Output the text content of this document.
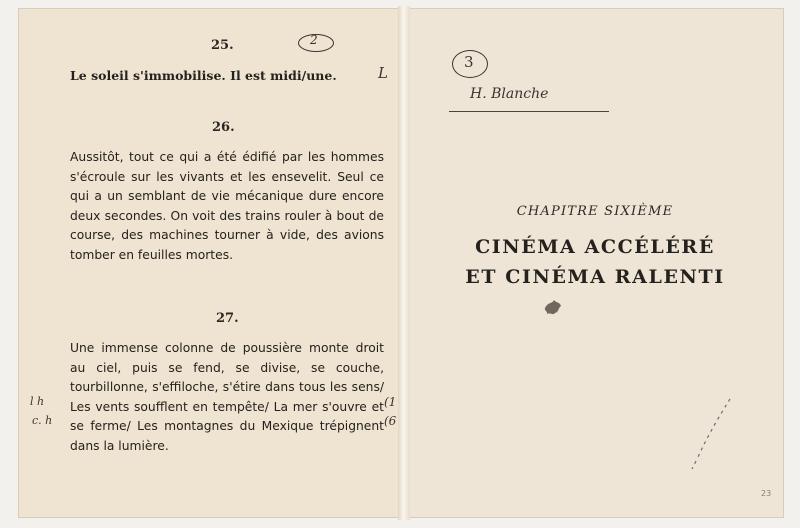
25.	2
Le soleil s'immobilise. Il est midi/une.	L
26.
Aussitôt, tout ce qui a été édifié par les hommes s'écroule sur les vivants et les ensevelit. Seul ce qui a un semblant de vie mécanique dure encore deux secondes. On voit des trains rouler à bout de course, des machines tourner à vide, des avions tomber en feuilles mortes.
27.
Une immense colonne de poussière monte droit au ciel, puis se fend, se divise, se couche, tourbillonne, s'effiloche, s'étire dans tous les sens/ Les vents soufflent en tempête/ La mer s'ouvre et se ferme/ Les montagnes du Mexique trépignent dans la lumière.
l h
c. h
(1
(6
3
H. Blanche
CHAPITRE SIXIÈME
CINÉMA ACCÉLÉRÉ
ET CINÉMA RALENTI
23
